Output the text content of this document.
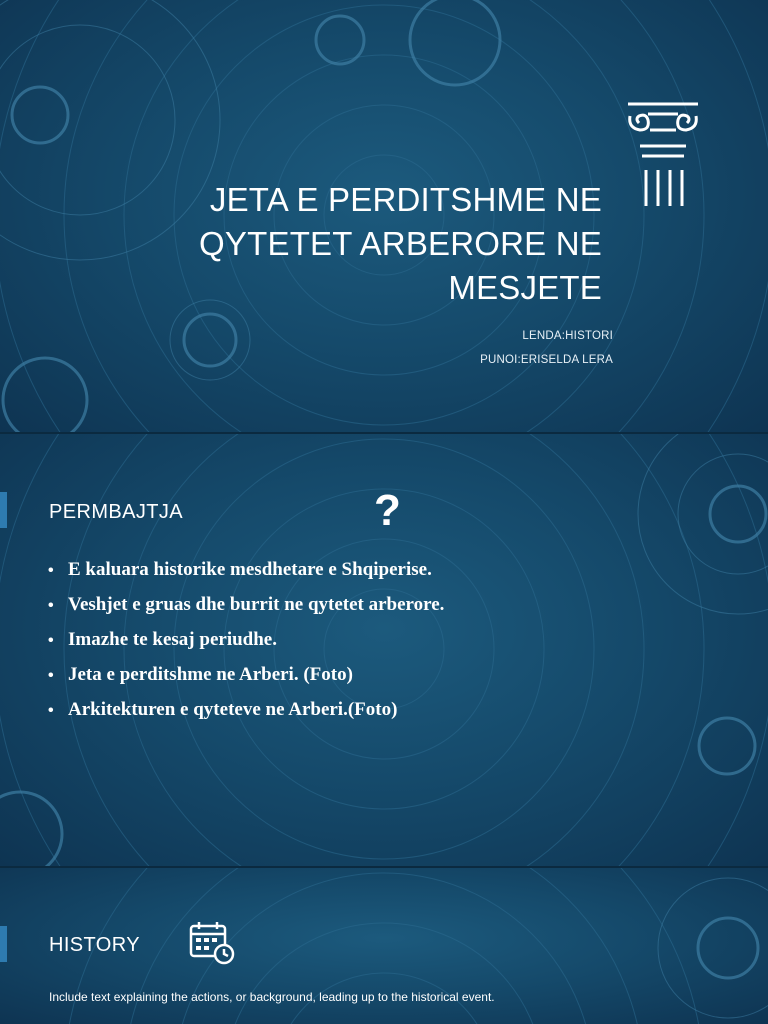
JETA E PERDITSHME NE
QYTETET ARBERORE NE
MESJETE

LENDA:HISTORI

PUNOI:ERISELDA LERA

PERMBAJTJA	?
• E kaluara historike mesdhetare e Shqiperise.
• Veshjet e gruas dhe burrit ne qytetet arberore.
• Imazhe te kesaj periudhe.
• Jeta e perditshme ne Arberi. (Foto)
• Arkitekturen e qyteteve ne Arberi.(Foto)
HISTORY

Include text explaining the actions, or background, leading up to the historical event.
